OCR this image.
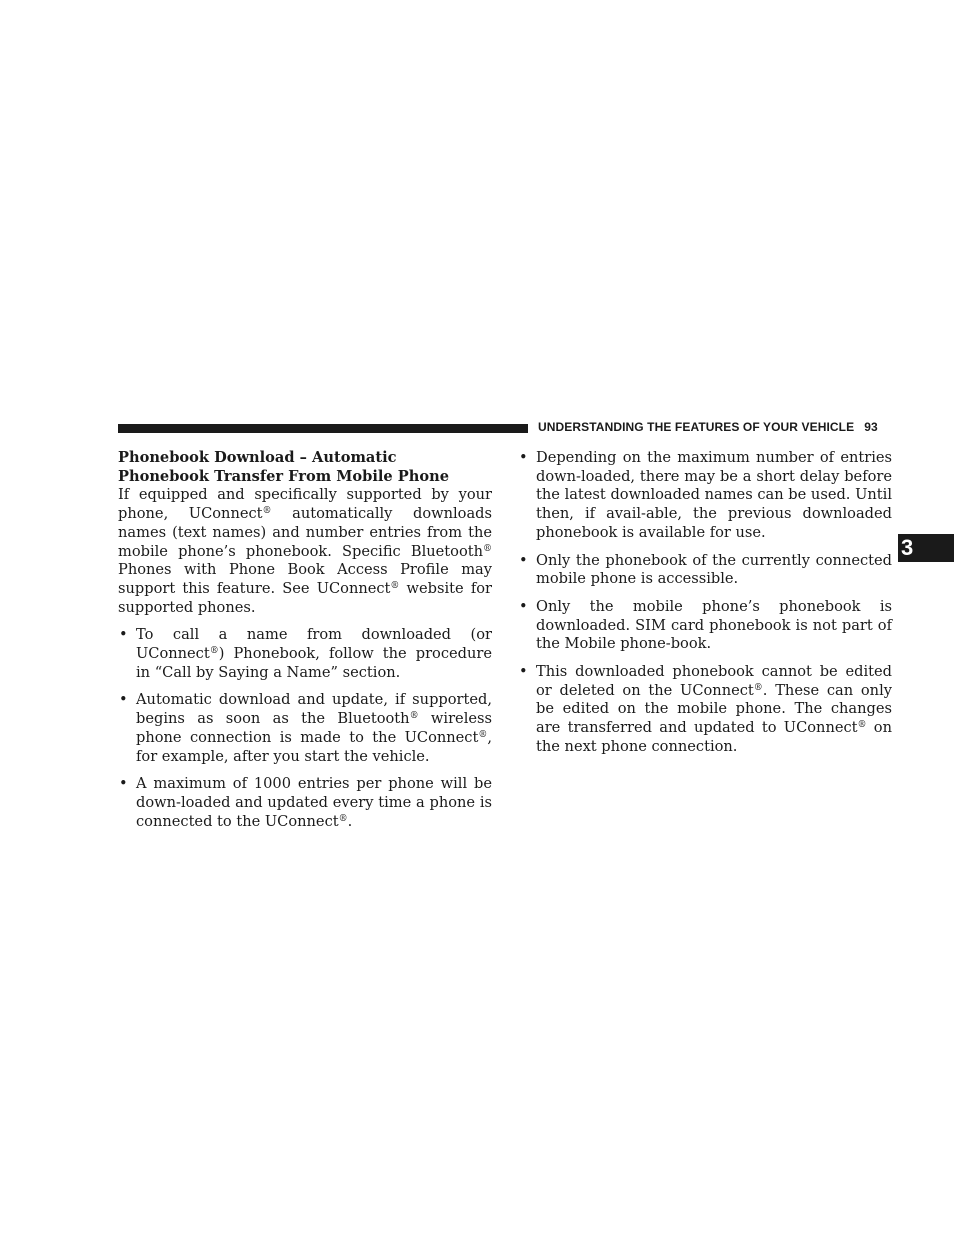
UNDERSTANDING THE FEATURES OF YOUR VEHICLE 93
3
Phonebook Download – Automatic Phonebook Transfer From Mobile Phone

If equipped and specifically supported by your phone, UConnect® automatically downloads names (text names) and number entries from the mobile phone’s phonebook. Specific Bluetooth® Phones with Phone Book Access Profile may support this feature. See UConnect® website for supported phones.

• To call a name from downloaded (or UConnect®) Phonebook, follow the procedure in “Call by Saying a Name” section.
• Automatic download and update, if supported, begins as soon as the Bluetooth® wireless phone connection is made to the UConnect®, for example, after you start the vehicle.
• A maximum of 1000 entries per phone will be down-loaded and updated every time a phone is connected to the UConnect®.
• Depending on the maximum number of entries down-loaded, there may be a short delay before the latest downloaded names can be used. Until then, if avail-able, the previous downloaded phonebook is available for use.
• Only the phonebook of the currently connected mobile phone is accessible.
• Only the mobile phone’s phonebook is downloaded. SIM card phonebook is not part of the Mobile phone-book.
• This downloaded phonebook cannot be edited or deleted on the UConnect®. These can only be edited on the mobile phone. The changes are transferred and updated to UConnect® on the next phone connection.
